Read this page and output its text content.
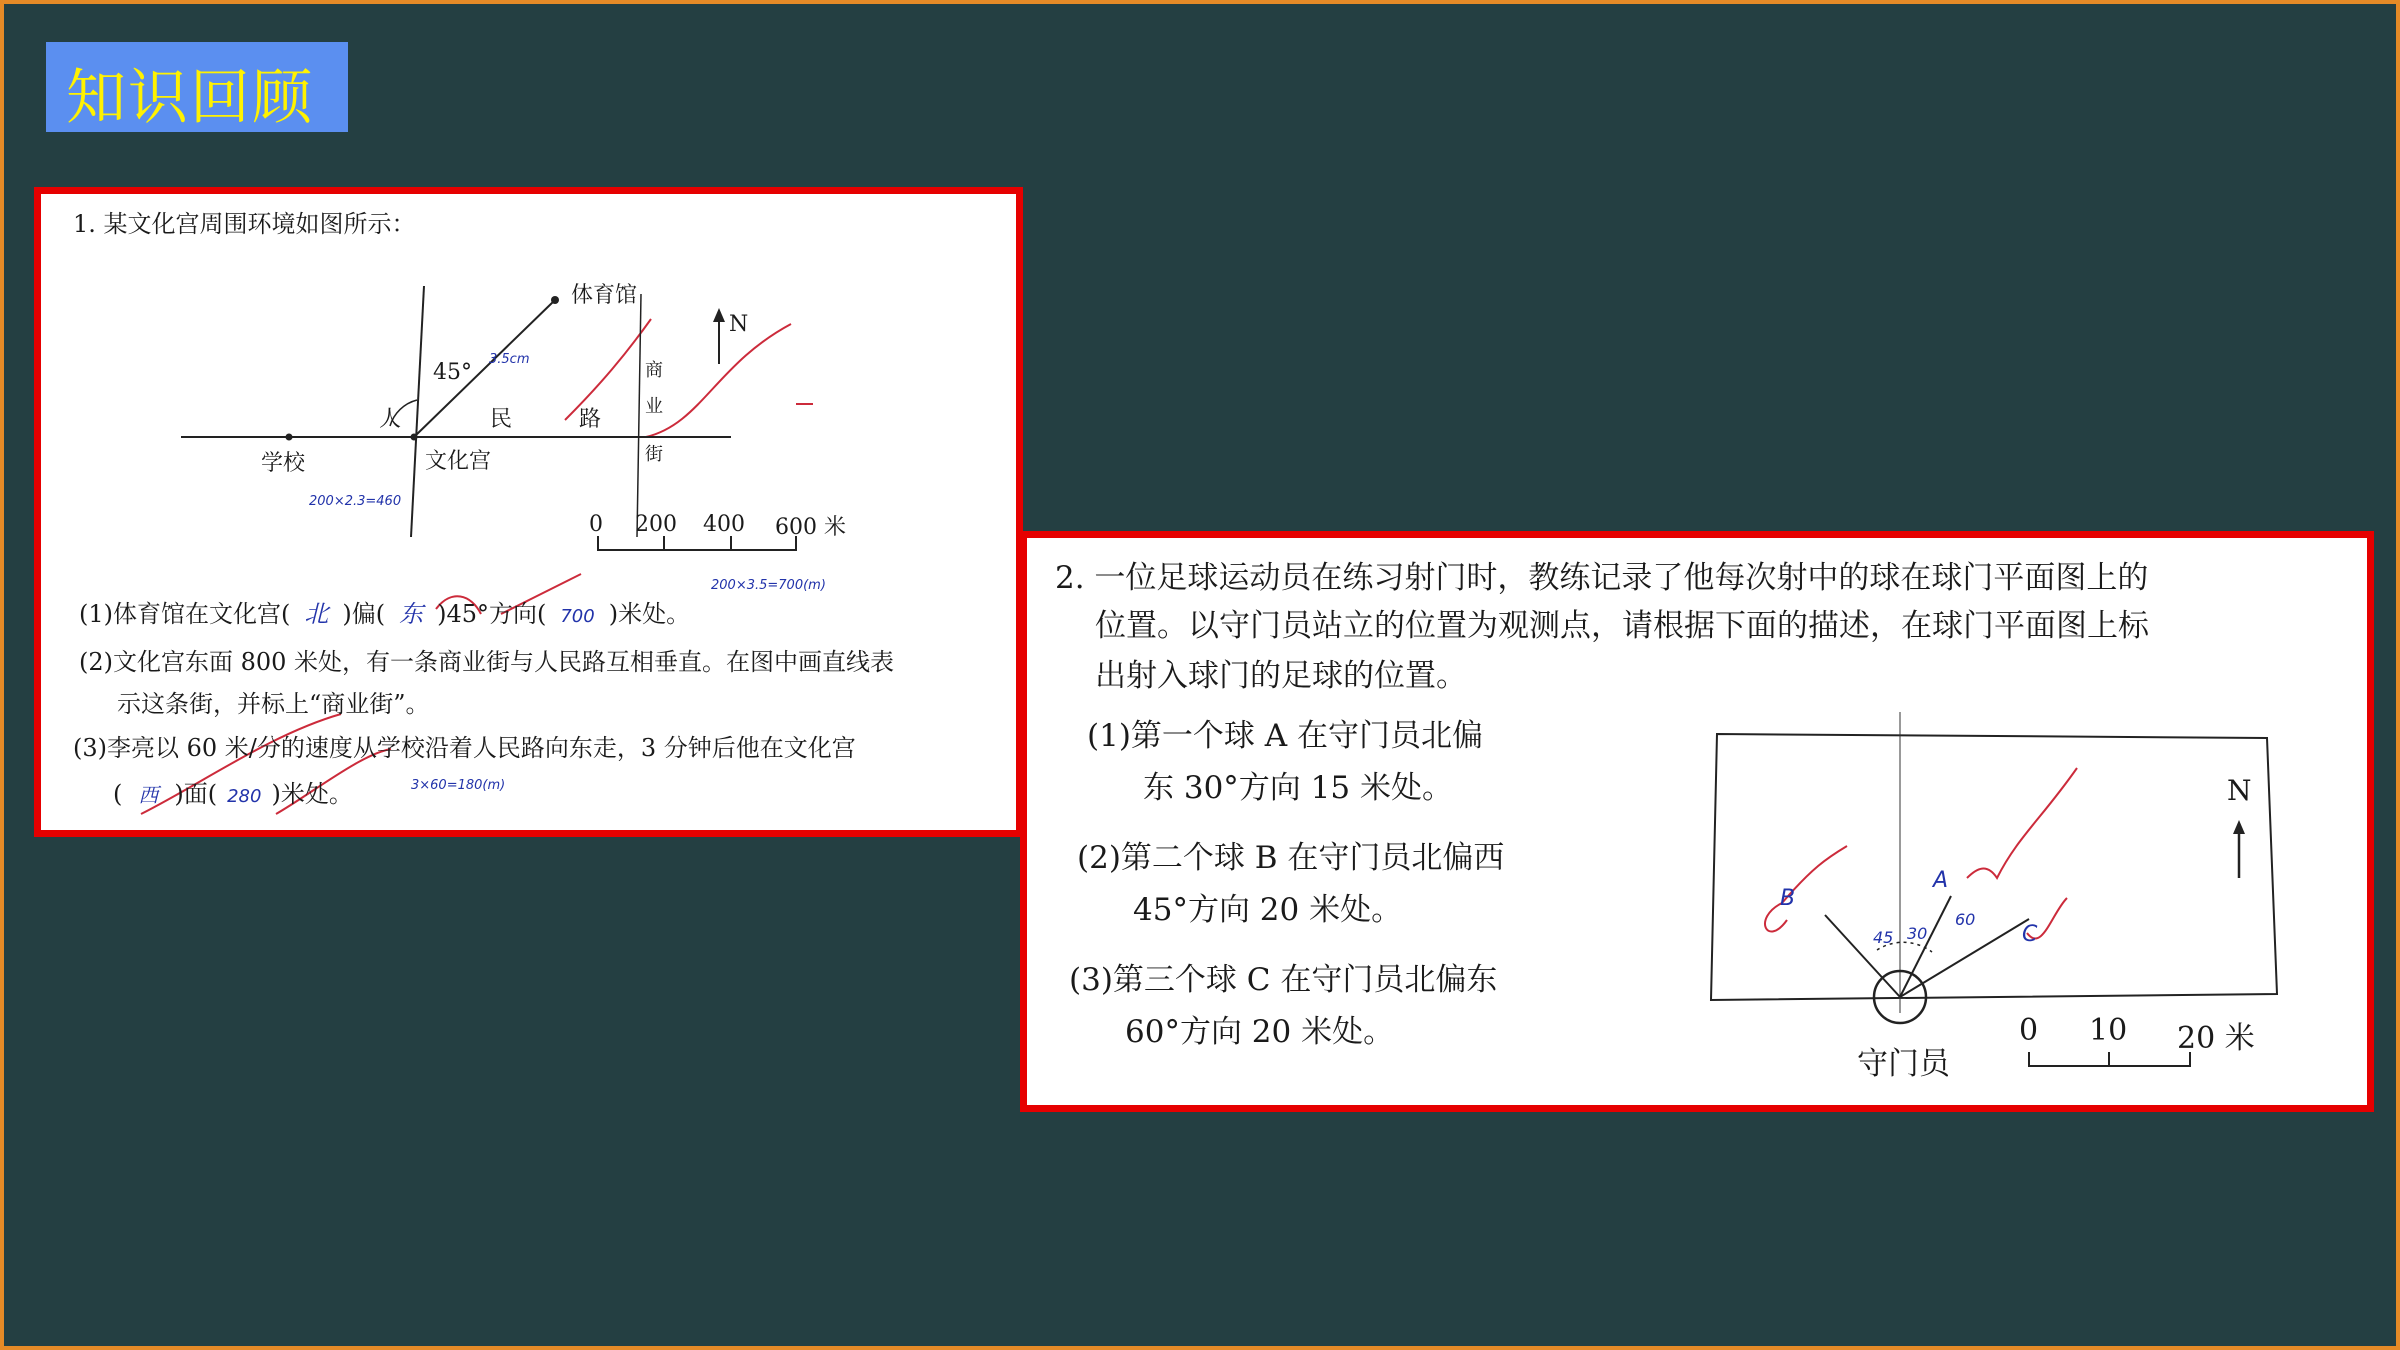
知识回顾
1. 某文化宫周围环境如图所示：
体育馆
45°
3.5cm
N
人	民	路
商
业
街
学校	文化宫
200×2.3=460
0 200 400 600 米
200×3.5=700(m)
(1)体育馆在文化宫( 北 )偏( 东 )45°方向( 700 )米处。
(2)文化宫东面 800 米处，有一条商业街与人民路互相垂直。在图中画直线表
示这条街，并标上“商业街”。
(3)李亮以 60 米/分的速度从学校沿着人民路向东走，3 分钟后他在文化宫
3×60=180(m)
( 西 )面( 280 )米处。
2. 一位足球运动员在练习射门时，教练记录了他每次射中的球在球门平面图上的
位置。以守门员站立的位置为观测点，请根据下面的描述，在球门平面图上标
出射入球门的足球的位置。
(1)第一个球 A 在守门员北偏
东 30°方向 15 米处。
(2)第二个球 B 在守门员北偏西
45°方向 20 米处。
(3)第三个球 C 在守门员北偏东
60°方向 20 米处。
N
B
A
C
30
60
45
守门员
0 10 20 米
